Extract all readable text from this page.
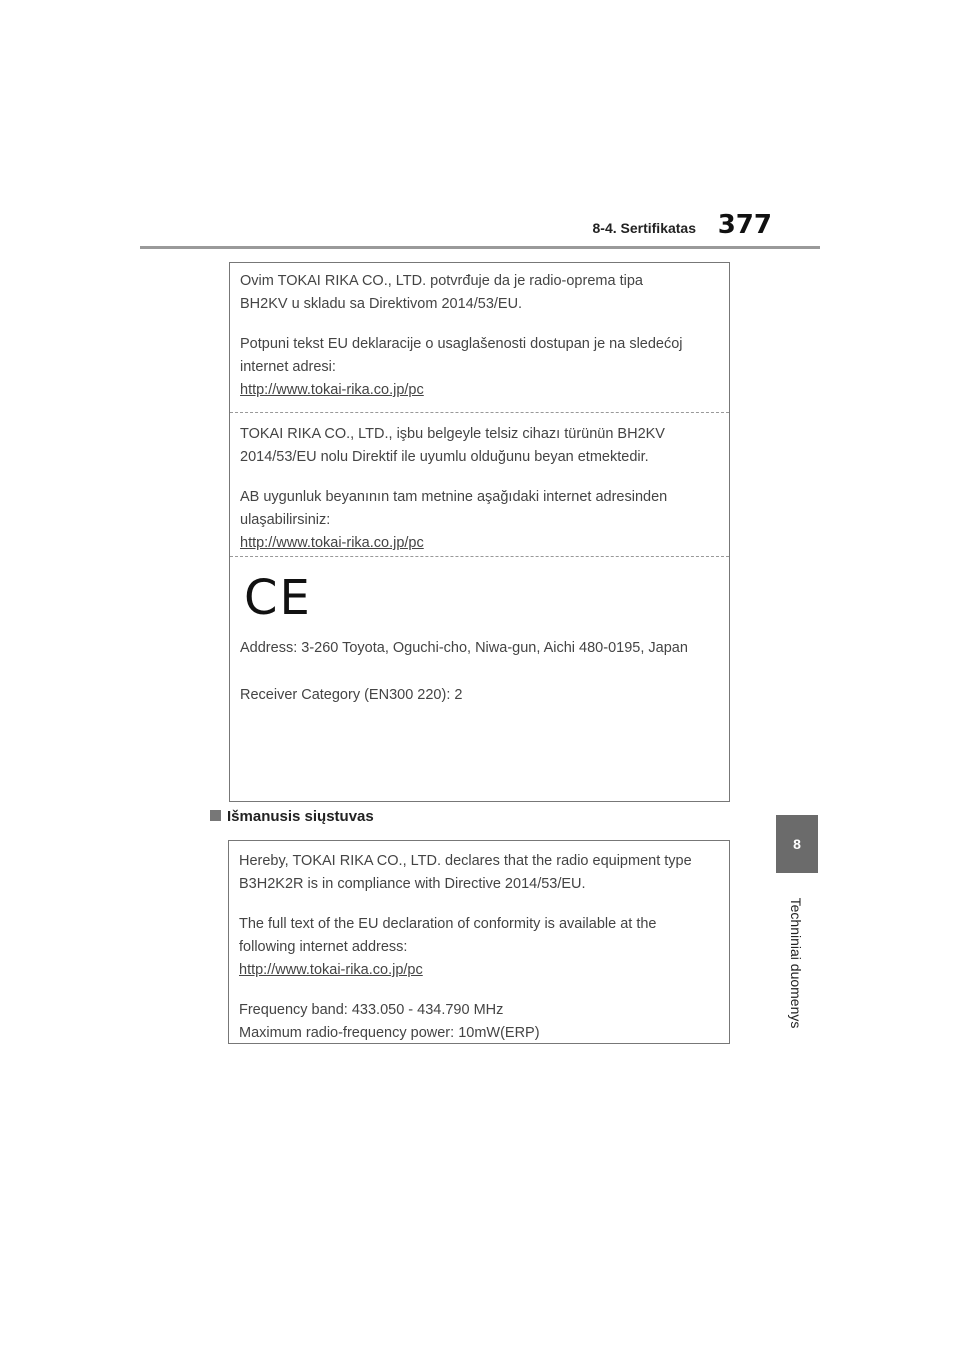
8-4. Sertifikatas 377
8
Techniniai duomenys
Ovim TOKAI RIKA CO., LTD. potvrđuje da je radio-oprema tipa
BH2KV u skladu sa Direktivom 2014/53/EU.
Potpuni tekst EU deklaracije o usaglašenosti dostupan je na sledećoj
internet adresi:
http://www.tokai-rika.co.jp/pc
TOKAI RIKA CO., LTD., işbu belgeyle telsiz cihazı türünün BH2KV
2014/53/EU nolu Direktif ile uyumlu olduğunu beyan etmektedir.
AB uygunluk beyanının tam metnine aşağıdaki internet adresinden
ulaşabilirsiniz:
http://www.tokai-rika.co.jp/pc
CE
Address: 3-260 Toyota, Oguchi-cho, Niwa-gun, Aichi 480-0195, Japan
Receiver Category (EN300 220): 2
Išmanusis siųstuvas
Hereby, TOKAI RIKA CO., LTD. declares that the radio equipment type
B3H2K2R is in compliance with Directive 2014/53/EU.
The full text of the EU declaration of conformity is available at the
following internet address:
http://www.tokai-rika.co.jp/pc
Frequency band: 433.050 - 434.790 MHz
Maximum radio-frequency power: 10mW(ERP)
